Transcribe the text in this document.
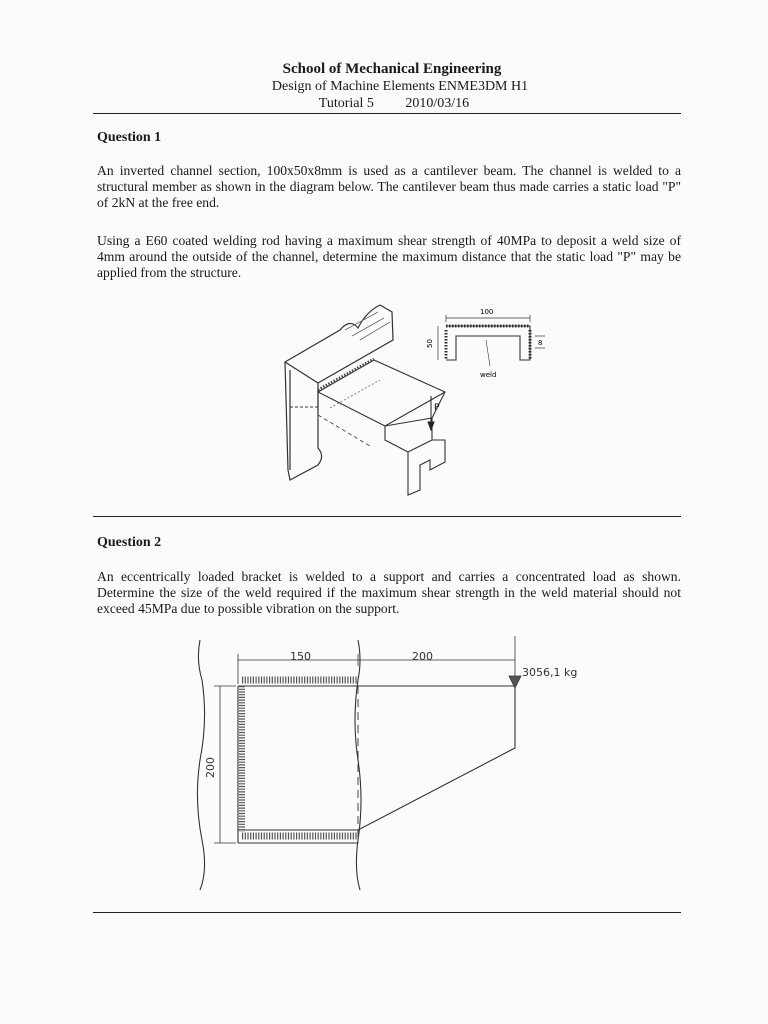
School of Mechanical Engineering
Design of Machine Elements ENME3DM H1
Tutorial 5 2010/03/16
Question 1
An inverted channel section, 100x50x8mm is used as a cantilever beam. The channel is welded to a structural member as shown in the diagram below. The cantilever beam thus made carries a static load "P" of 2kN at the free end.
Using a E60 coated welding rod having a maximum shear strength of 40MPa to deposit a weld size of 4mm around the outside of the channel, determine the maximum distance that the static load "P" may be applied from the structure.
P
100
50	8
weld
Question 2
An eccentrically loaded bracket is welded to a support and carries a concentrated load as shown. Determine the size of the weld required if the maximum shear strength in the weld material should not exceed 45MPa due to possible vibration on the support.
150	200
200
3056,1 kg
